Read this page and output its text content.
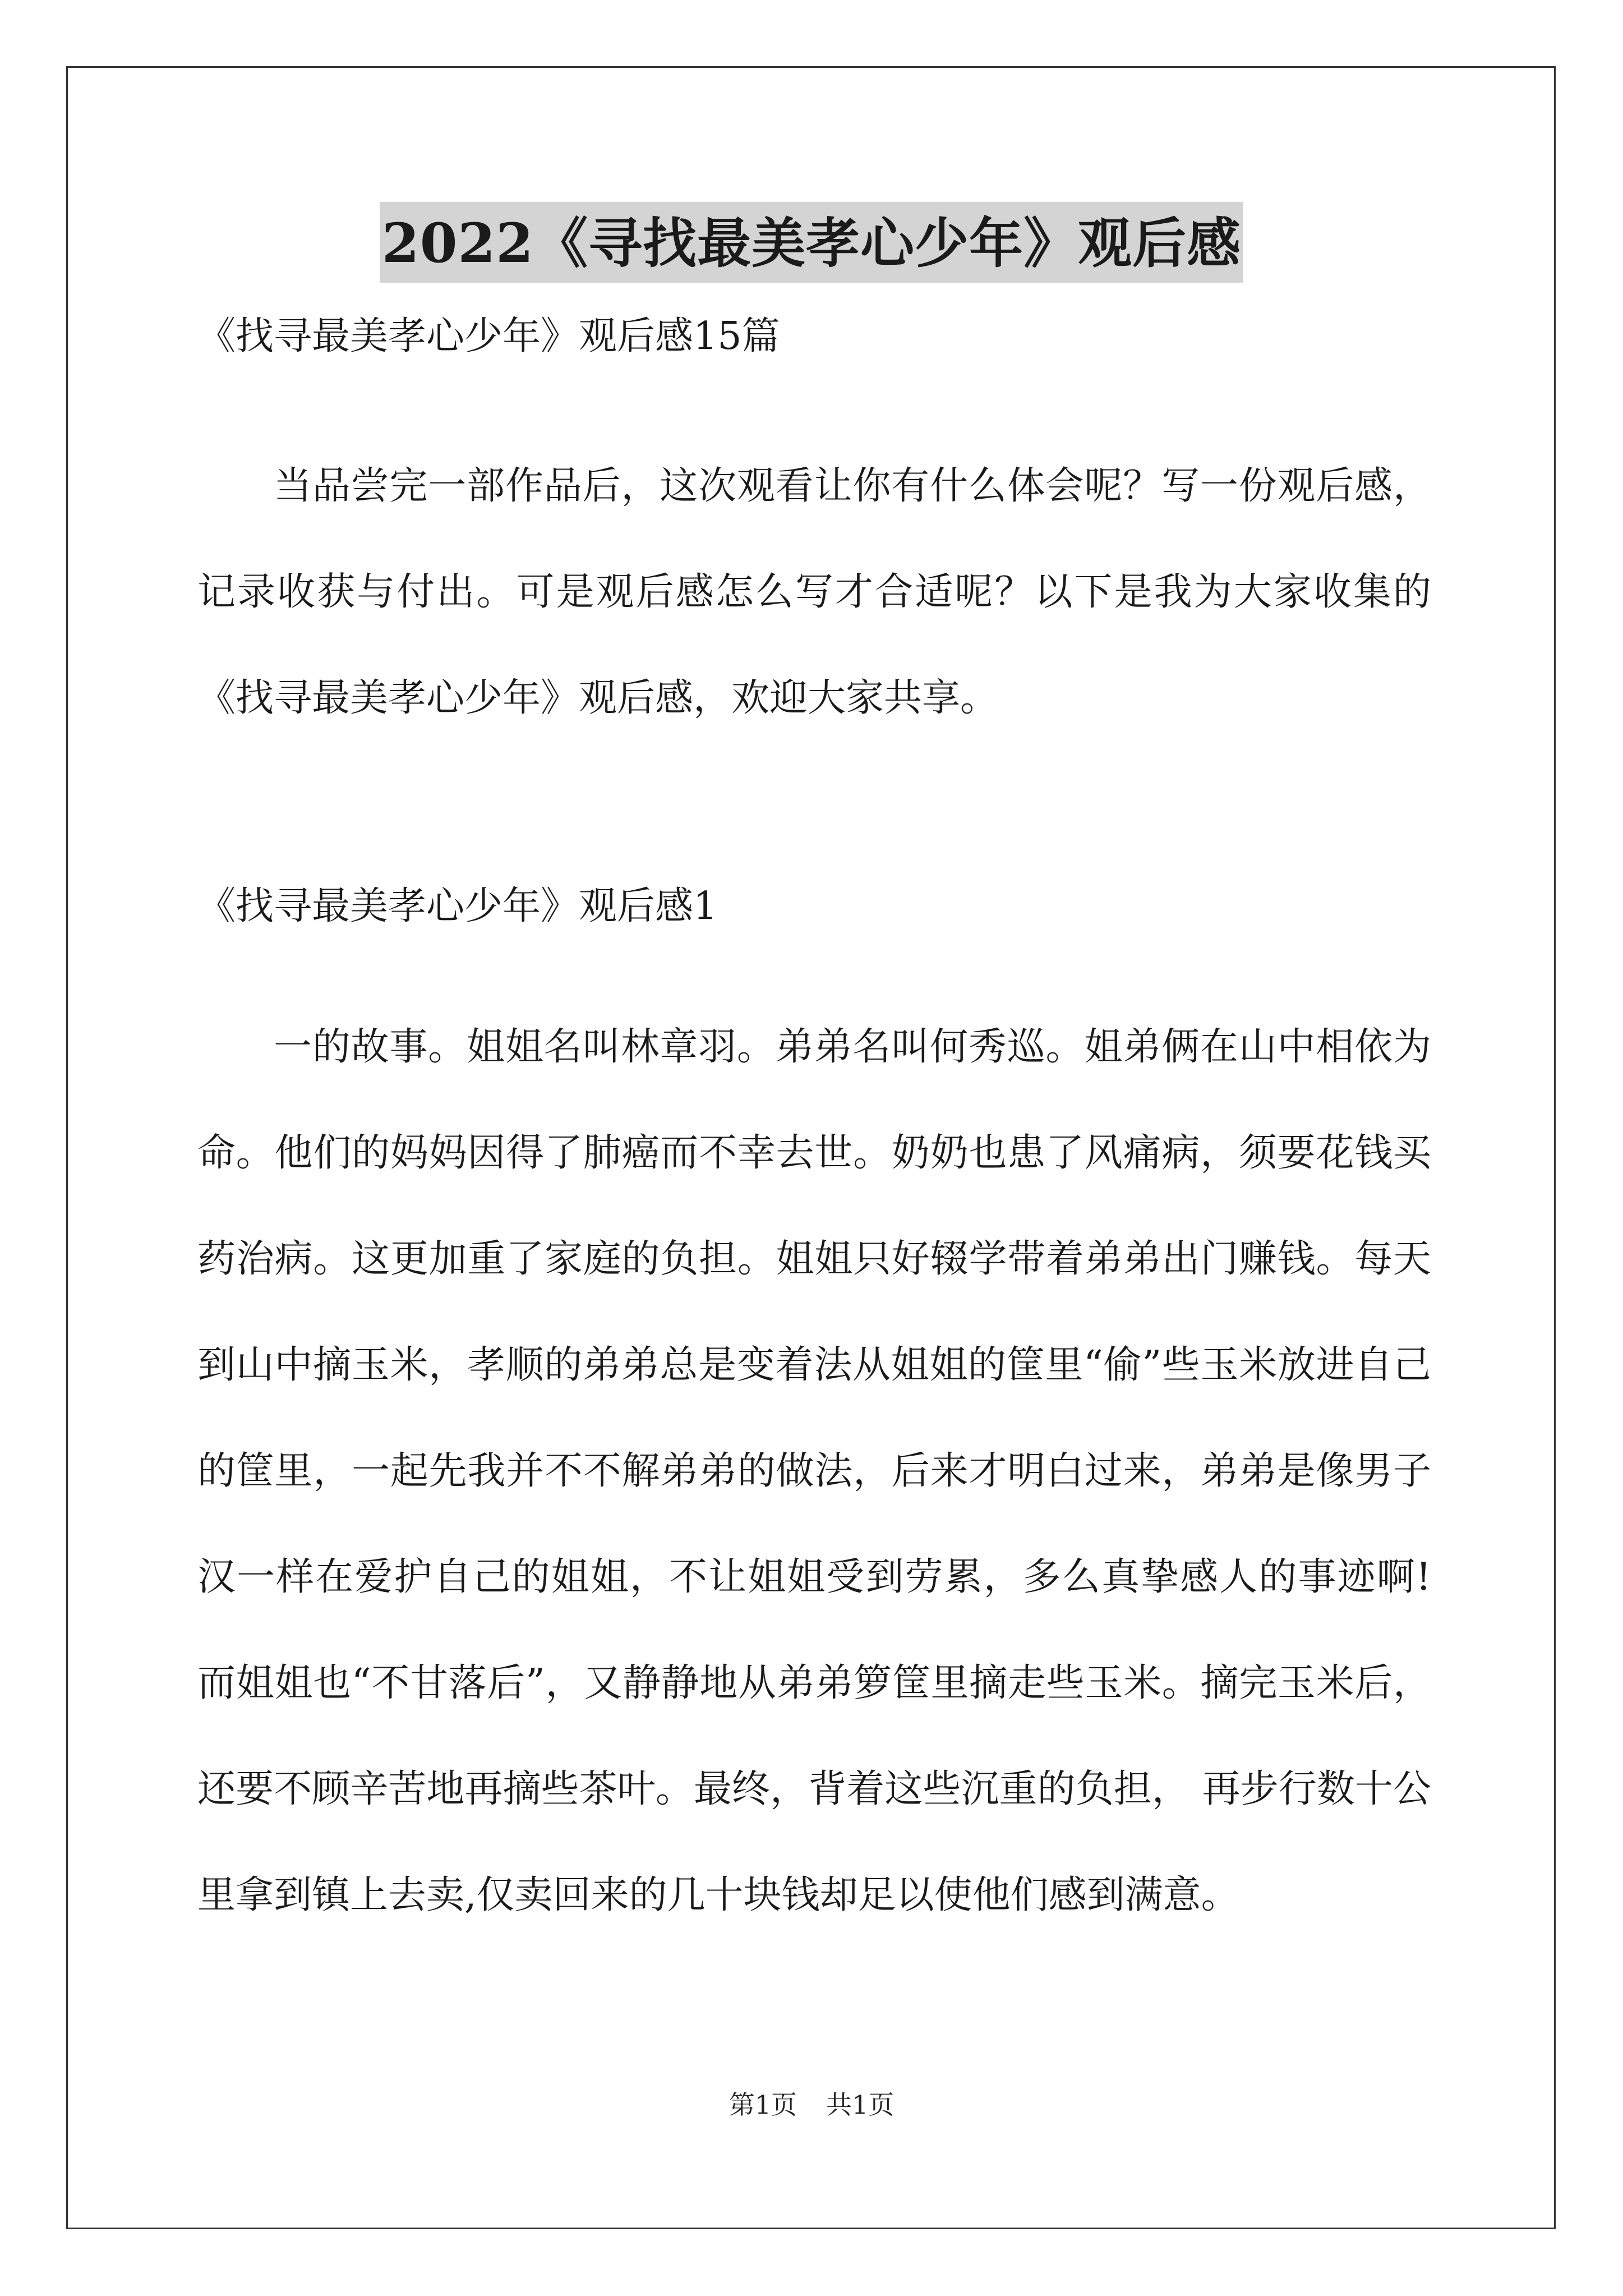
2022《寻找最美孝心少年》观后感
《找寻最美孝心少年》观后感15篇

当品尝完一部作品后，这次观看让你有什么体会呢？写一份观后感，记录收获与付出。可是观后感怎么写才合适呢？以下是我为大家收集的《找寻最美孝心少年》观后感，欢迎大家共享。

《找寻最美孝心少年》观后感1

一的故事。姐姐名叫林章羽。弟弟名叫何秀巡。姐弟俩在山中相依为命。他们的妈妈因得了肺癌而不幸去世。奶奶也患了风痛病，须要花钱买药治病。这更加重了家庭的负担。姐姐只好辍学带着弟弟出门赚钱。每天到山中摘玉米，孝顺的弟弟总是变着法从姐姐的筐里“偷”些玉米放进自己的筐里，一起先我并不不解弟弟的做法，后来才明白过来，弟弟是像男子汉一样在爱护自己的姐姐，不让姐姐受到劳累，多么真挚感人的事迹啊!而姐姐也“不甘落后”，又静静地从弟弟箩筐里摘走些玉米。摘完玉米后，还要不顾辛苦地再摘些茶叶。最终，背着这些沉重的负担， 再步行数十公里拿到镇上去卖,仅卖回来的几十块钱却足以使他们感到满意。

第1页 共1页
